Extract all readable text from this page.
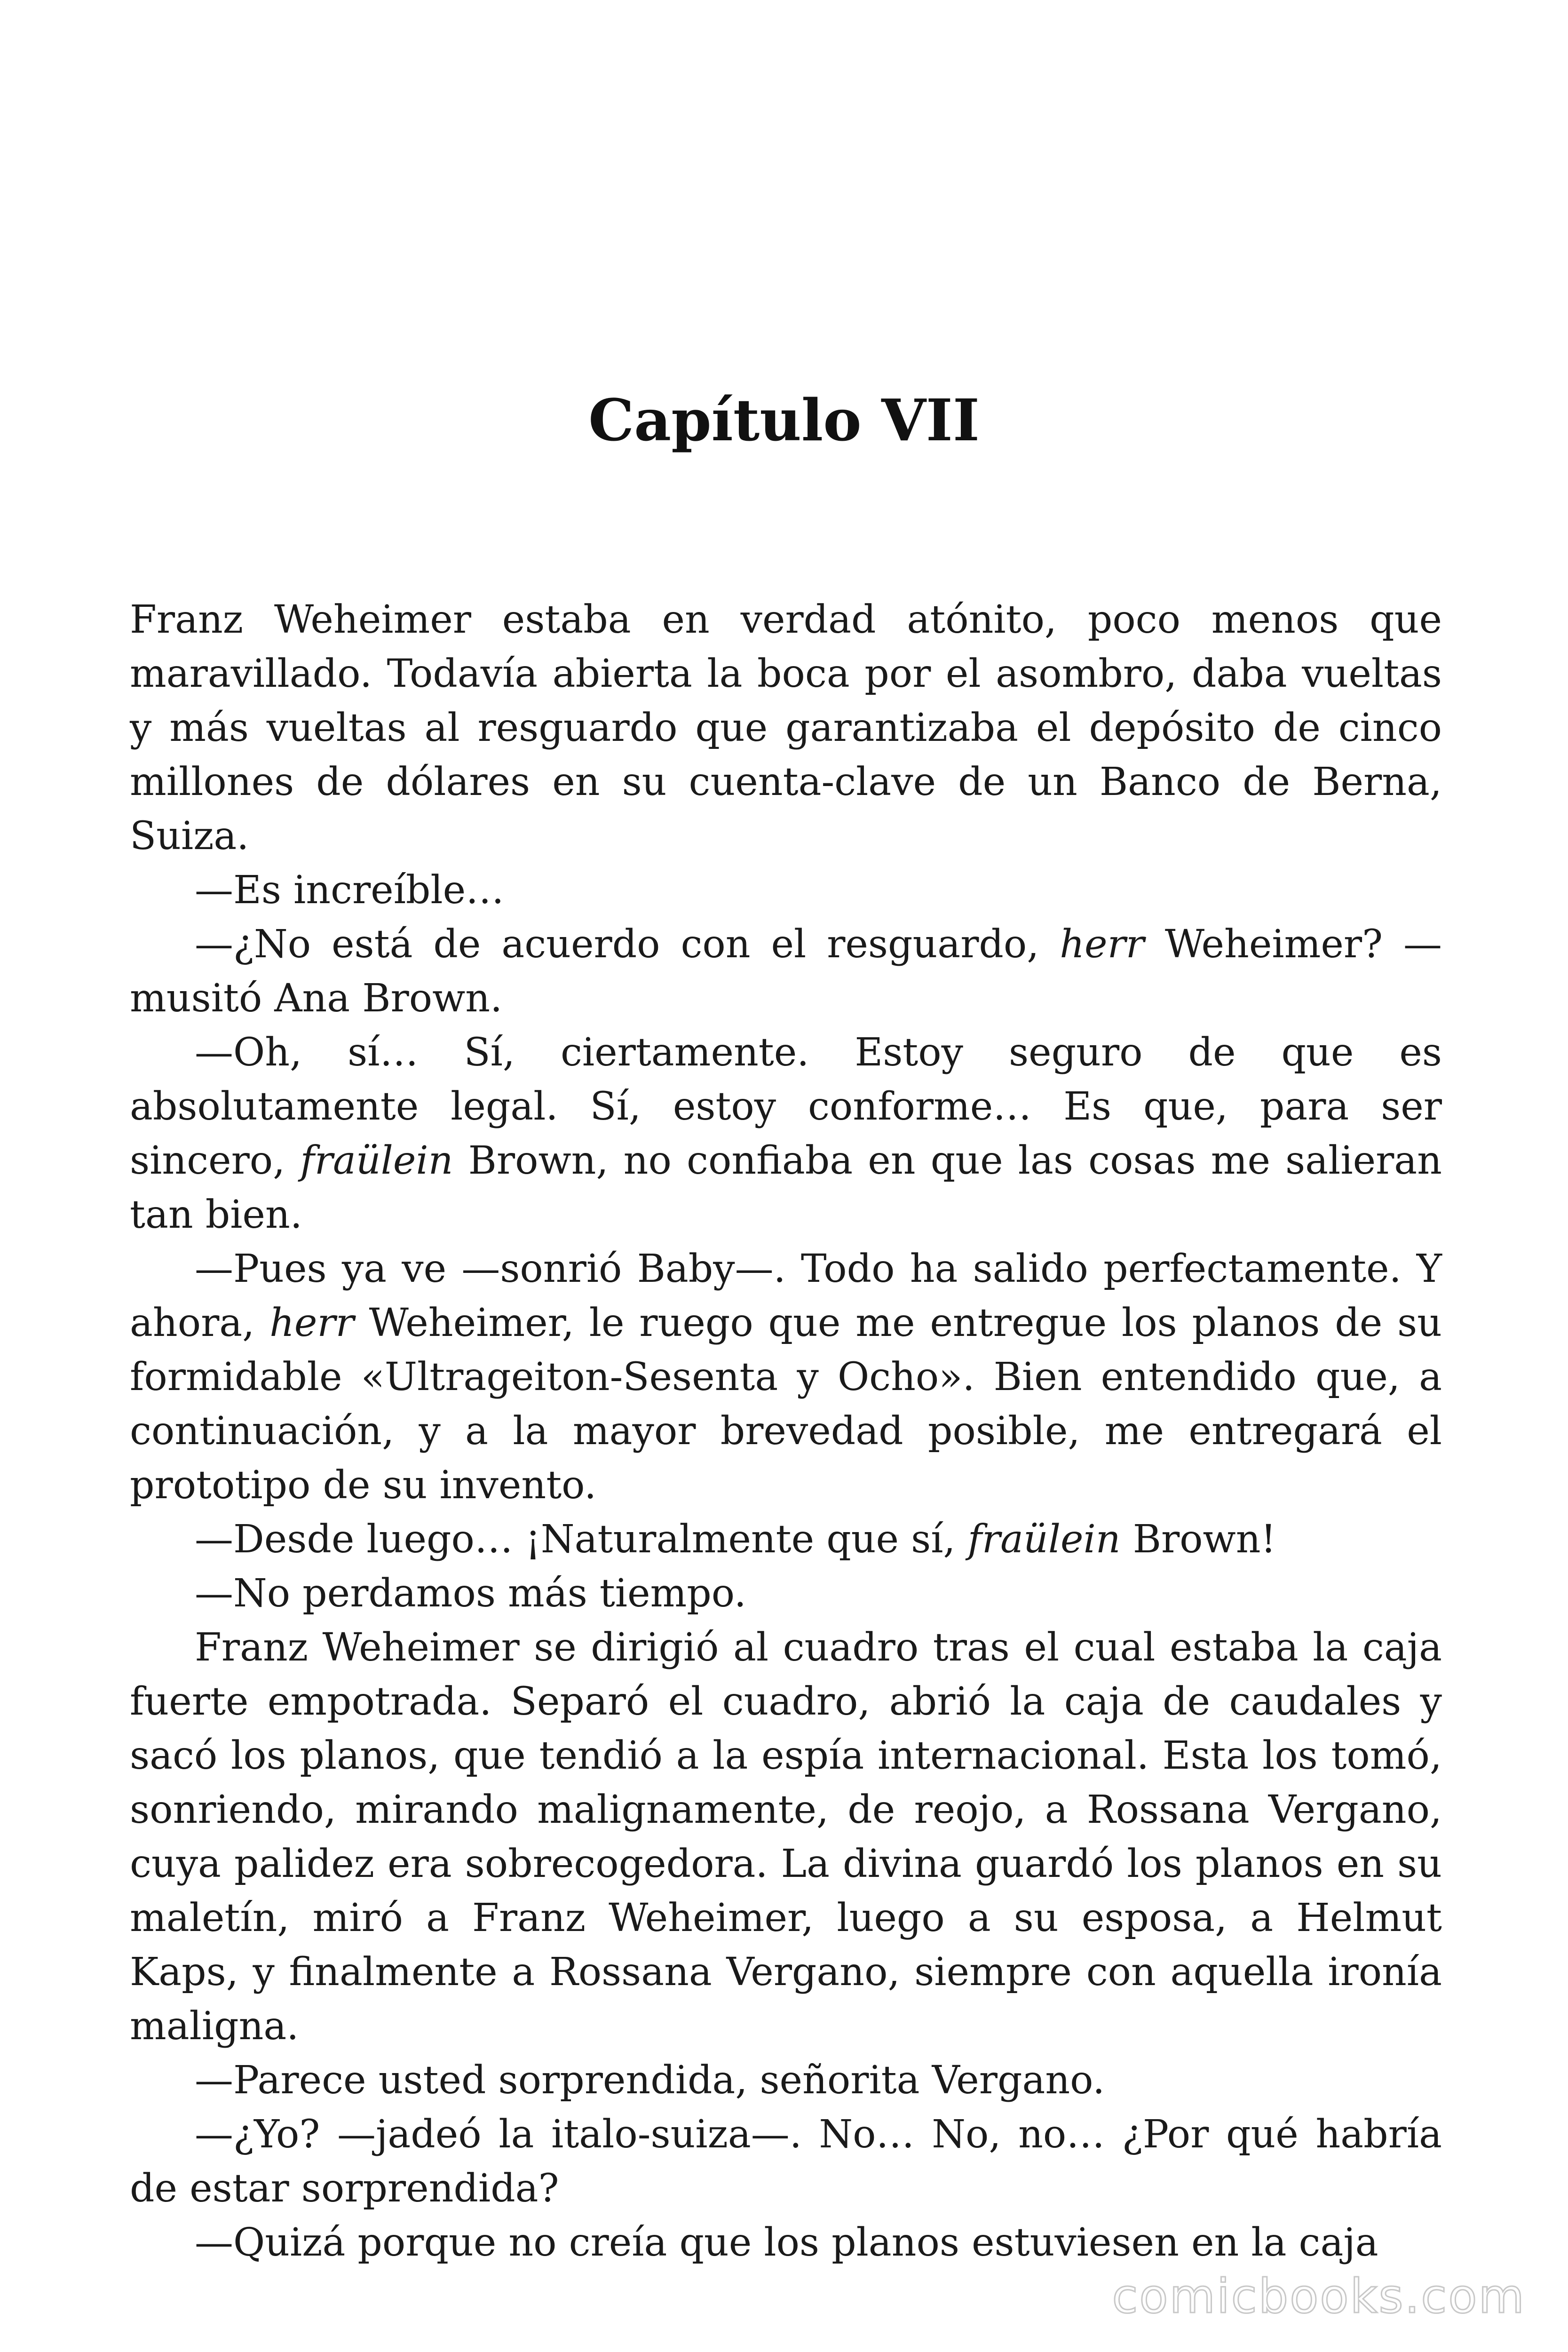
Capítulo VII

Franz Weheimer estaba en verdad atónito, poco menos que maravillado. Todavía abierta la boca por el asombro, daba vueltas y más vueltas al resguardo que garantizaba el depósito de cinco millones de dólares en su cuenta-clave de un Banco de Berna, Suiza.

—Es increíble…

—¿No está de acuerdo con el resguardo, herr Weheimer? —musitó Ana Brown.

—Oh, sí… Sí, ciertamente. Estoy seguro de que es absolutamente legal. Sí, estoy conforme… Es que, para ser sincero, fraülein Brown, no confiaba en que las cosas me salieran tan bien.

—Pues ya ve —sonrió Baby—. Todo ha salido perfectamente. Y ahora, herr Weheimer, le ruego que me entregue los planos de su formidable «Ultrageiton-Sesenta y Ocho». Bien entendido que, a continuación, y a la mayor brevedad posible, me entregará el prototipo de su invento.

—Desde luego… ¡Naturalmente que sí, fraülein Brown!

—No perdamos más tiempo.

Franz Weheimer se dirigió al cuadro tras el cual estaba la caja fuerte empotrada. Separó el cuadro, abrió la caja de caudales y sacó los planos, que tendió a la espía internacional. Esta los tomó, sonriendo, mirando malignamente, de reojo, a Rossana Vergano, cuya palidez era sobrecogedora. La divina guardó los planos en su maletín, miró a Franz Weheimer, luego a su esposa, a Helmut Kaps, y finalmente a Rossana Vergano, siempre con aquella ironía maligna.

—Parece usted sorprendida, señorita Vergano.

—¿Yo? —jadeó la italo-suiza—. No… No, no… ¿Por qué habría de estar sorprendida?

—Quizá porque no creía que los planos estuviesen en la caja

comicbooks.com
